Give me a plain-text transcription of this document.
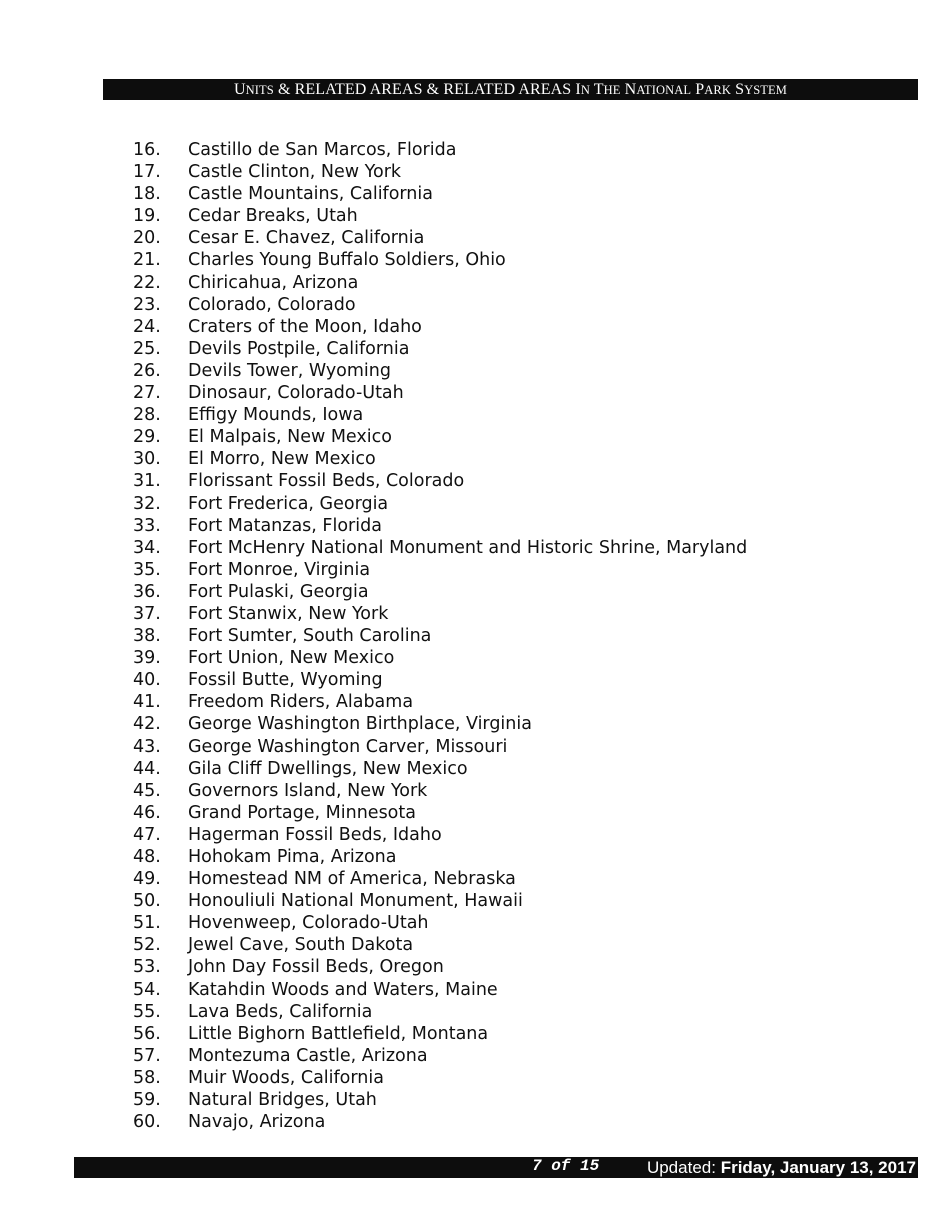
UNITS & RELATED AREAS & RELATED AREAS IN THE NATIONAL PARK SYSTEM
16. Castillo de San Marcos, Florida
17. Castle Clinton, New York
18. Castle Mountains, California
19. Cedar Breaks, Utah
20. Cesar E. Chavez, California
21. Charles Young Buffalo Soldiers, Ohio
22. Chiricahua, Arizona
23. Colorado, Colorado
24. Craters of the Moon, Idaho
25. Devils Postpile, California
26. Devils Tower, Wyoming
27. Dinosaur, Colorado-Utah
28. Effigy Mounds, Iowa
29. El Malpais, New Mexico
30. El Morro, New Mexico
31. Florissant Fossil Beds, Colorado
32. Fort Frederica, Georgia
33. Fort Matanzas, Florida
34. Fort McHenry National Monument and Historic Shrine, Maryland
35. Fort Monroe, Virginia
36. Fort Pulaski, Georgia
37. Fort Stanwix, New York
38. Fort Sumter, South Carolina
39. Fort Union, New Mexico
40. Fossil Butte, Wyoming
41. Freedom Riders, Alabama
42. George Washington Birthplace, Virginia
43. George Washington Carver, Missouri
44. Gila Cliff Dwellings, New Mexico
45. Governors Island, New York
46. Grand Portage, Minnesota
47. Hagerman Fossil Beds, Idaho
48. Hohokam Pima, Arizona
49. Homestead NM of America, Nebraska
50. Honouliuli National Monument, Hawaii
51. Hovenweep, Colorado-Utah
52. Jewel Cave, South Dakota
53. John Day Fossil Beds, Oregon
54. Katahdin Woods and Waters, Maine
55. Lava Beds, California
56. Little Bighorn Battlefield, Montana
57. Montezuma Castle, Arizona
58. Muir Woods, California
59. Natural Bridges, Utah
60. Navajo, Arizona
7 of 15	Updated: Friday, January 13, 2017
